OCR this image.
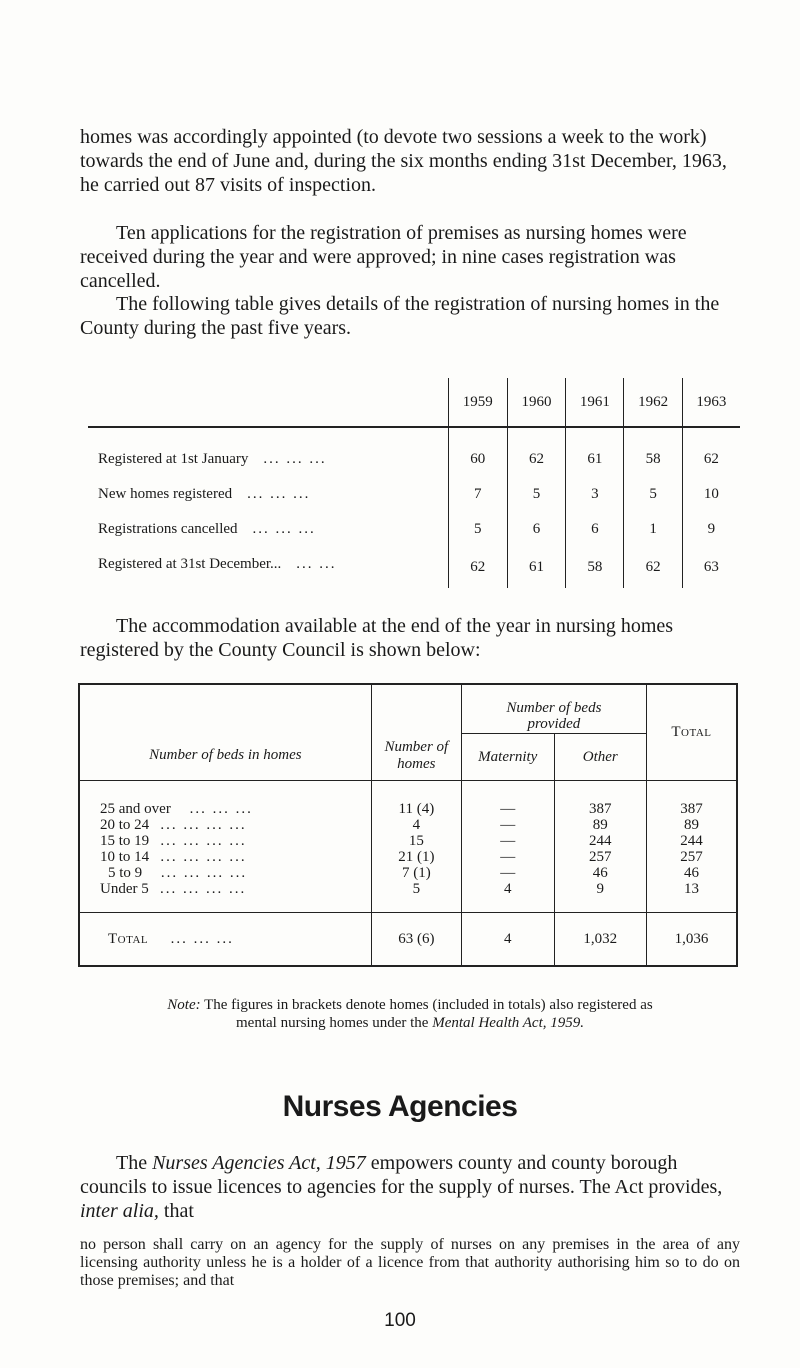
homes was accordingly appointed (to devote two sessions a week to the work) towards the end of June and, during the six months ending 31st December, 1963, he carried out 87 visits of inspection.

Ten applications for the registration of premises as nursing homes were received during the year and were approved; in nine cases registration was cancelled.

The following table gives details of the registration of nursing homes in the County during the past five years.

	1959	1960	1961	1962	1963
Registered at 1st January ... ... ...	60	62	61	58	62
New homes registered ... ... ...	7	5	3	5	10
Registrations cancelled ... ... ...	5	6	6	1	9
Registered at 31st December... ... ...	62	61	58	62	63

The accommodation available at the end of the year in nursing homes registered by the County Council is shown below:

Number of beds in homes	Number of homes	Number of beds provided		Total
		Maternity	Other	

25 and over ... ... ...	11 (4)	—	387	387
20 to 24 ... ... ... ...	4	—	89	89
15 to 19 ... ... ... ...	15	—	244	244
10 to 14 ... ... ... ...	21 (1)	—	257	257
5 to 9 ... ... ... ...	7 (1)	—	46	46
Under 5 ... ... ... ...	5	4	9	13

Total ... ... ...	63 (6)	4	1,032	1,036
Note: The figures in brackets denote homes (included in totals) also registered as mental nursing homes under the Mental Health Act, 1959.
Nurses Agencies

The Nurses Agencies Act, 1957 empowers county and county borough councils to issue licences to agencies for the supply of nurses. The Act provides, inter alia, that

no person shall carry on an agency for the supply of nurses on any premises in the area of any licensing authority unless he is a holder of a licence from that authority authorising him so to do on those premises; and that

100
